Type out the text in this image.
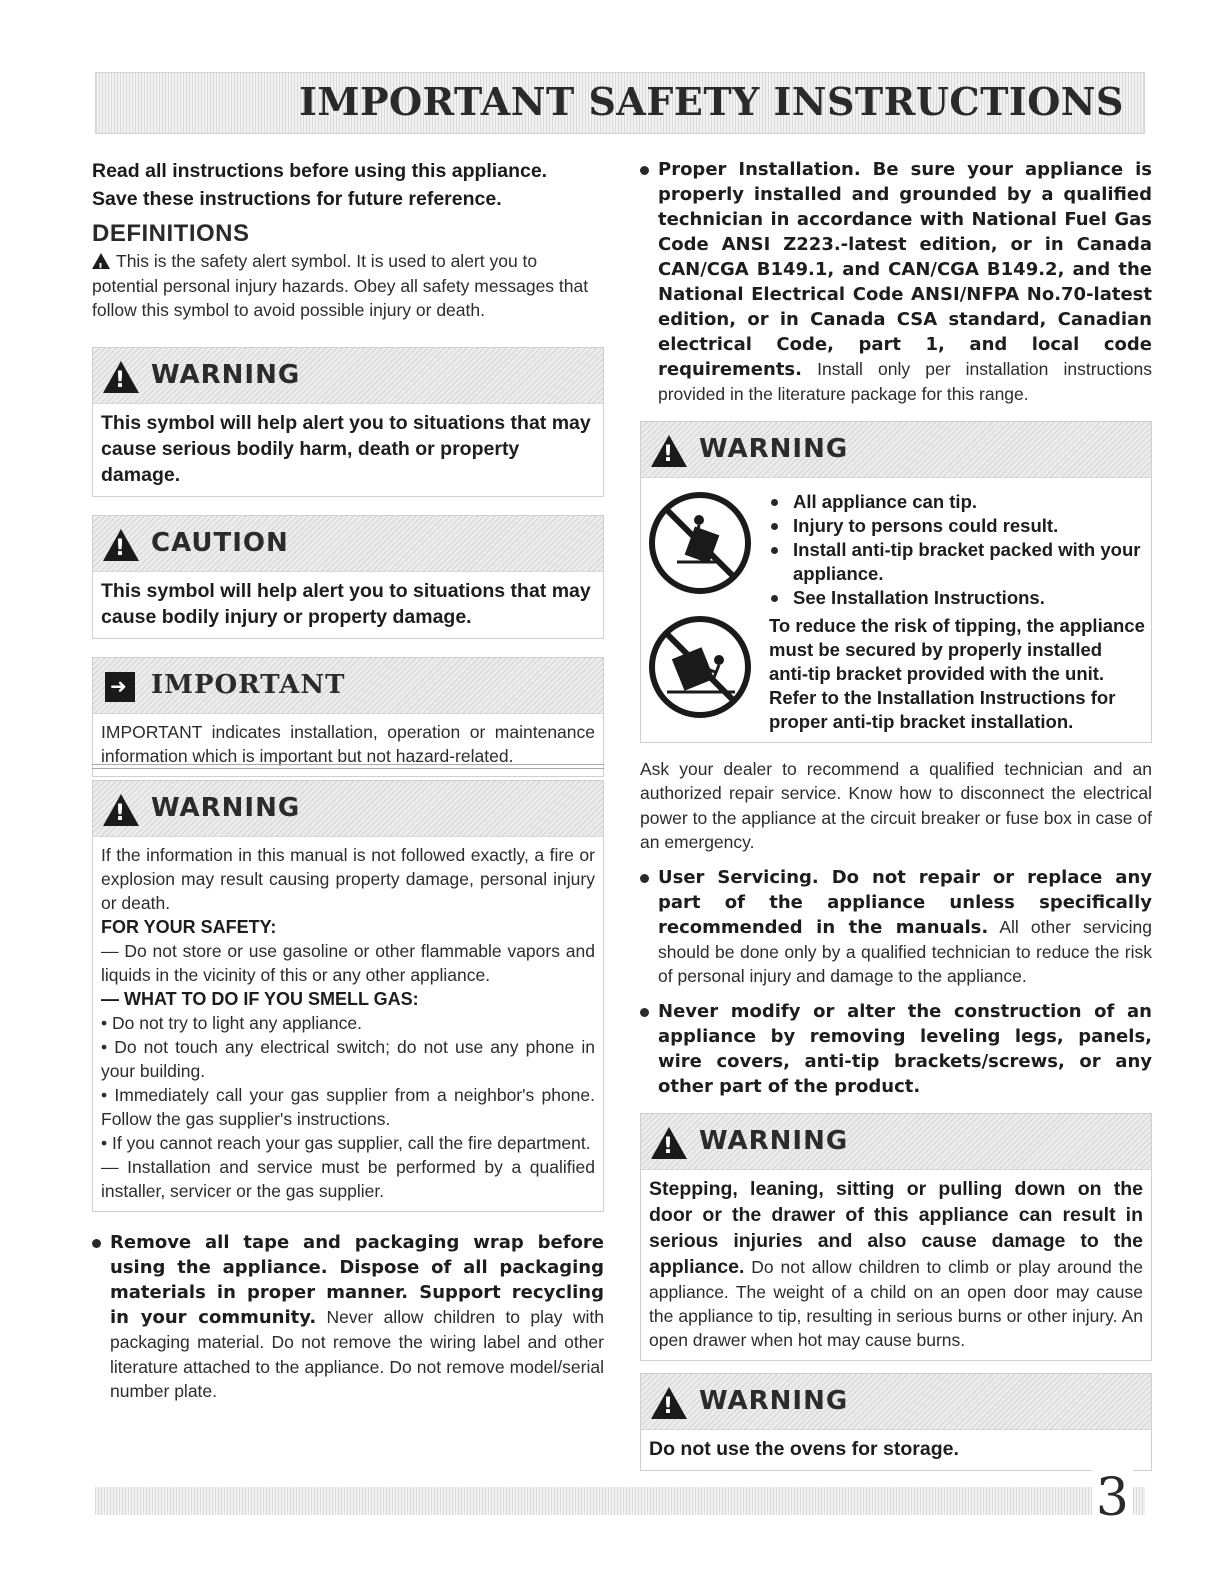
IMPORTANT SAFETY INSTRUCTIONS

Read all instructions before using this appliance.

Save these instructions for future reference.

DEFINITIONS

!This is the safety alert symbol. It is used to alert you to potential personal injury hazards. Obey all safety messages that follow this symbol to avoid possible injury or death.

!
WARNING

This symbol will help alert you to situations that may cause serious bodily harm, death or property damage.

!
CAUTION

This symbol will help alert you to situations that may cause bodily injury or property damage.

➜
IMPORTANT

IMPORTANT indicates installation, operation or maintenance information which is important but not hazard-related.

!
WARNING

If the information in this manual is not followed exactly, a fire or explosion may result causing property damage, personal injury or death.

FOR YOUR SAFETY:

— Do not store or use gasoline or other flammable vapors and liquids in the vicinity of this or any other appliance.

— WHAT TO DO IF YOU SMELL GAS:

• Do not try to light any appliance.

• Do not touch any electrical switch; do not use any phone in your building.

• Immediately call your gas supplier from a neighbor's phone. Follow the gas supplier's instructions.

• If you cannot reach your gas supplier, call the fire department.

— Installation and service must be performed by a qualified installer, servicer or the gas supplier.

Remove all tape and packaging wrap before using the appliance. Dispose of all packaging materials in proper manner. Support recycling in your community. Never allow children to play with packaging material. Do not remove the wiring label and other literature attached to the appliance. Do not remove model/serial number plate.

Proper Installation. Be sure your appliance is properly installed and grounded by a qualified technician in accordance with National Fuel Gas Code ANSI Z223.-latest edition, or in Canada CAN/CGA B149.1, and CAN/CGA B149.2, and the National Electrical Code ANSI/NFPA No.70-latest edition, or in Canada CSA standard, Canadian electrical Code, part 1, and local code requirements. Install only per installation instructions provided in the literature package for this range.

!
WARNING
All appliance can tip.
Injury to persons could result.
Install anti-tip bracket packed with your appliance.
See Installation Instructions.

To reduce the risk of tipping, the appliance must be secured by properly installed anti-tip bracket provided with the unit. Refer to the Installation Instructions for proper anti-tip bracket installation.

Ask your dealer to recommend a qualified technician and an authorized repair service. Know how to disconnect the electrical power to the appliance at the circuit breaker or fuse box in case of an emergency.

User Servicing. Do not repair or replace any part of the appliance unless specifically recommended in the manuals. All other servicing should be done only by a qualified technician to reduce the risk of personal injury and damage to the appliance.

Never modify or alter the construction of an appliance by removing leveling legs, panels, wire covers, anti-tip brackets/screws, or any other part of the product.

!
WARNING

Stepping, leaning, sitting or pulling down on the door or the drawer of this appliance can result in serious injuries and also cause damage to the appliance. Do not allow children to climb or play around the appliance. The weight of a child on an open door may cause the appliance to tip, resulting in serious burns or other injury. An open drawer when hot may cause burns.

!
WARNING

Do not use the ovens for storage.

3
